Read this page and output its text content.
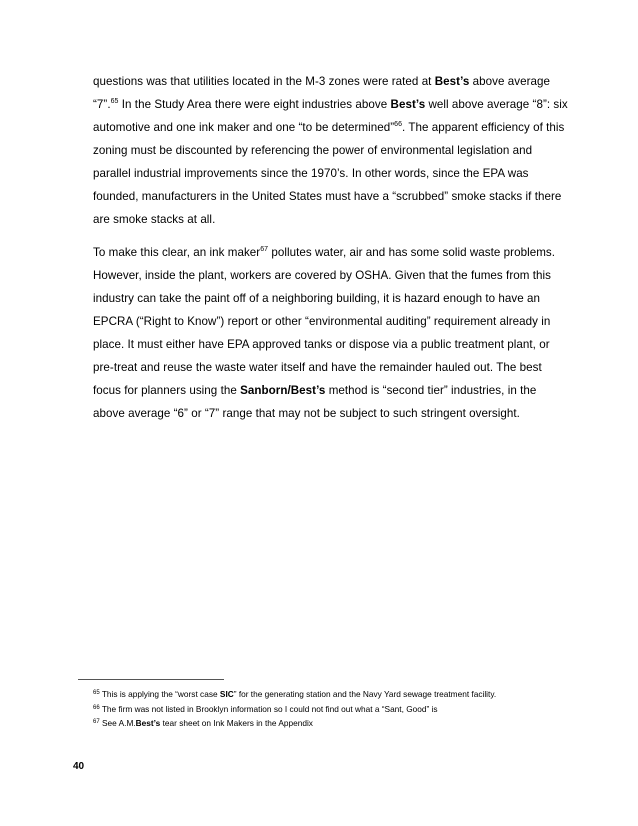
questions was that utilities located in the M-3 zones were rated at Best’s above average “7”.$^{65}$ In the Study Area there were eight industries above Best’s well above average “8”: six automotive and one ink maker and one “to be determined”$^{66}$. The apparent efficiency of this zoning must be discounted by referencing the power of environmental legislation and parallel industrial improvements since the 1970’s. In other words, since the EPA was founded, manufacturers in the United States must have a “scrubbed” smoke stacks if there are smoke stacks at all.

To make this clear, an ink maker$^{67}$ pollutes water, air and has some solid waste problems. However, inside the plant, workers are covered by OSHA. Given that the fumes from this industry can take the paint off of a neighboring building, it is hazard enough to have an EPCRA (“Right to Know”) report or other “environmental auditing” requirement already in place. It must either have EPA approved tanks or dispose via a public treatment plant, or pre-treat and reuse the waste water itself and have the remainder hauled out. The best focus for planners using the Sanborn/Best’s method is “second tier” industries, in the above average “6” or “7” range that may not be subject to such stringent oversight.

$^{65}$ This is applying the “worst case SIC” for the generating station and the Navy Yard sewage treatment facility.
$^{66}$ The firm was not listed in Brooklyn information so I could not find out what a “Sant, Good” is
$^{67}$ See A.M.Best’s tear sheet on Ink Makers in the Appendix
40
